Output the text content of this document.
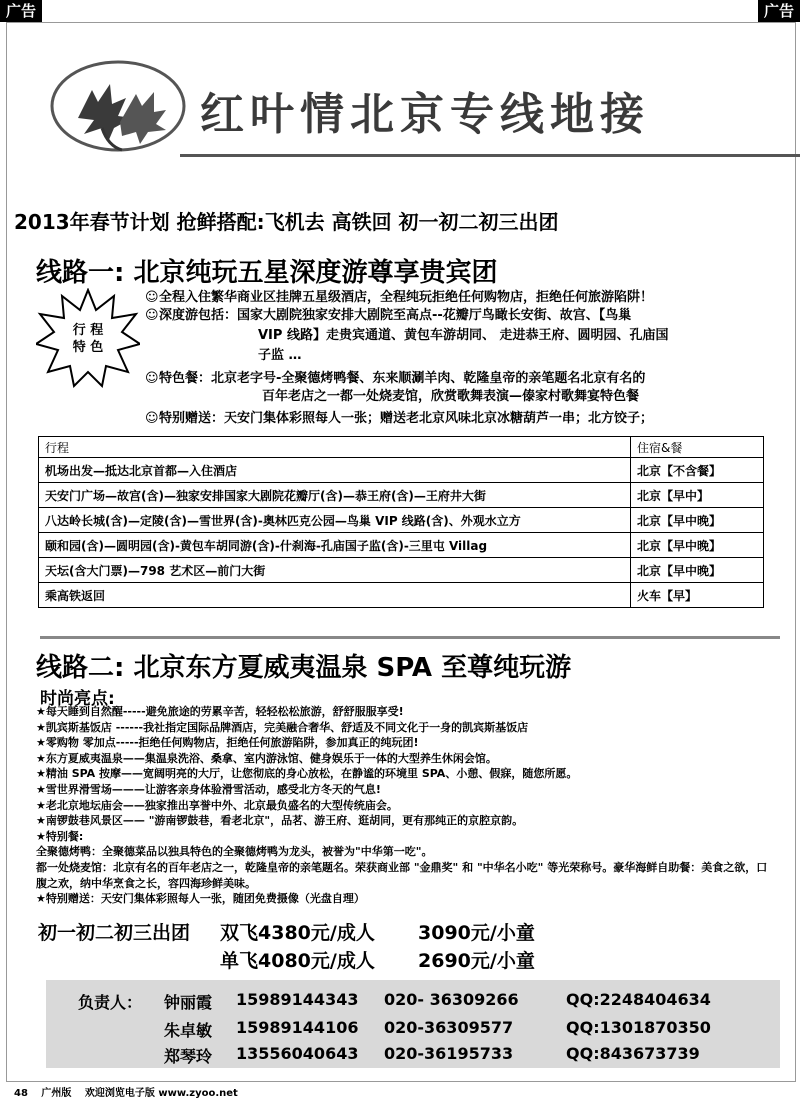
广告	广告
红叶情北京专线地接
2013年春节计划 抢鲜搭配:飞机去 高铁回 初一初二初三出团
线路一: 北京纯玩五星深度游尊享贵宾团
行 程
特 色
☺全程入住繁华商业区挂牌五星级酒店，全程纯玩拒绝任何购物店，拒绝任何旅游陷阱！
☺深度游包括：国家大剧院独家安排大剧院至高点--花瓣厅鸟瞰长安街、故宫、【鸟巢
VIP 线路】走贵宾通道、黄包车游胡同、 走进恭王府、圆明园、孔庙国
子监 …
☺特色餐：北京老字号-全聚德烤鸭餐、东来顺涮羊肉、乾隆皇帝的亲笔题名北京有名的
百年老店之一都一处烧麦馆，欣赏歌舞表演—傣家村歌舞宴特色餐
☺特别赠送：天安门集体彩照每人一张；赠送老北京风味北京冰糖葫芦一串；北方饺子；
行程	住宿&餐
机场出发—抵达北京首都—入住酒店	北京【不含餐】
天安门广场—故宫(含)—独家安排国家大剧院花瓣厅(含)—恭王府(含)—王府井大街	北京【早中】
八达岭长城(含)—定陵(含)—雪世界(含)-奥林匹克公园—鸟巢 VIP 线路(含)、外观水立方	北京【早中晚】
颐和园(含)—圆明园(含)-黄包车胡同游(含)-什刹海-孔庙国子监(含)-三里屯 Villag	北京【早中晚】
天坛(含大门票)—798 艺术区—前门大街	北京【早中晚】
乘高铁返回	火车【早】
线路二: 北京东方夏威夷温泉 SPA 至尊纯玩游
时尚亮点:
★每天睡到自然醒-----避免旅途的劳累辛苦，轻轻松松旅游，舒舒服服享受!
★凯宾斯基饭店 ------我社指定国际品牌酒店，完美融合奢华、舒适及不同文化于一身的凯宾斯基饭店
★零购物 零加点-----拒绝任何购物店，拒绝任何旅游陷阱，参加真正的纯玩团!
★东方夏威夷温泉——集温泉洗浴、桑拿、室内游泳馆、健身娱乐于一体的大型养生休闲会馆。
★精油 SPA 按摩——宽阔明亮的大厅，让您彻底的身心放松，在静谧的环境里 SPA、小憩、假寐，随您所愿。
★雪世界滑雪场———让游客亲身体验滑雪活动，感受北方冬天的气息!
★老北京地坛庙会——独家推出享誉中外、北京最负盛名的大型传统庙会。
★南锣鼓巷风景区—— "游南锣鼓巷，看老北京"，品茗、游王府、逛胡同，更有那纯正的京腔京韵。
★特别餐:
全聚德烤鸭：全聚德菜品以独具特色的全聚德烤鸭为龙头，被誉为"中华第一吃"。
都一处烧麦馆：北京有名的百年老店之一，乾隆皇帝的亲笔题名。荣获商业部 "金鼎奖" 和 "中华名小吃" 等光荣称号。豪华海鲜自助餐：美食之欲，口腹之欢，纳中华烹食之长，容四海珍鲜美味。
★特别赠送：天安门集体彩照每人一张，随团免费摄像（光盘自理）
初一初二初三出团 双飞4380元/成人 3090元/小童
单飞4080元/成人 2690元/小童
负责人： 钟丽霞 15989144343 020- 36309266	QQ:2248404634
朱卓敏 15989144106 020-36309577	QQ:1301870350
郑琴玲 13556040643 020-36195733	QQ:843673739
48 广州版 欢迎浏览电子版 www.zyoo.net
